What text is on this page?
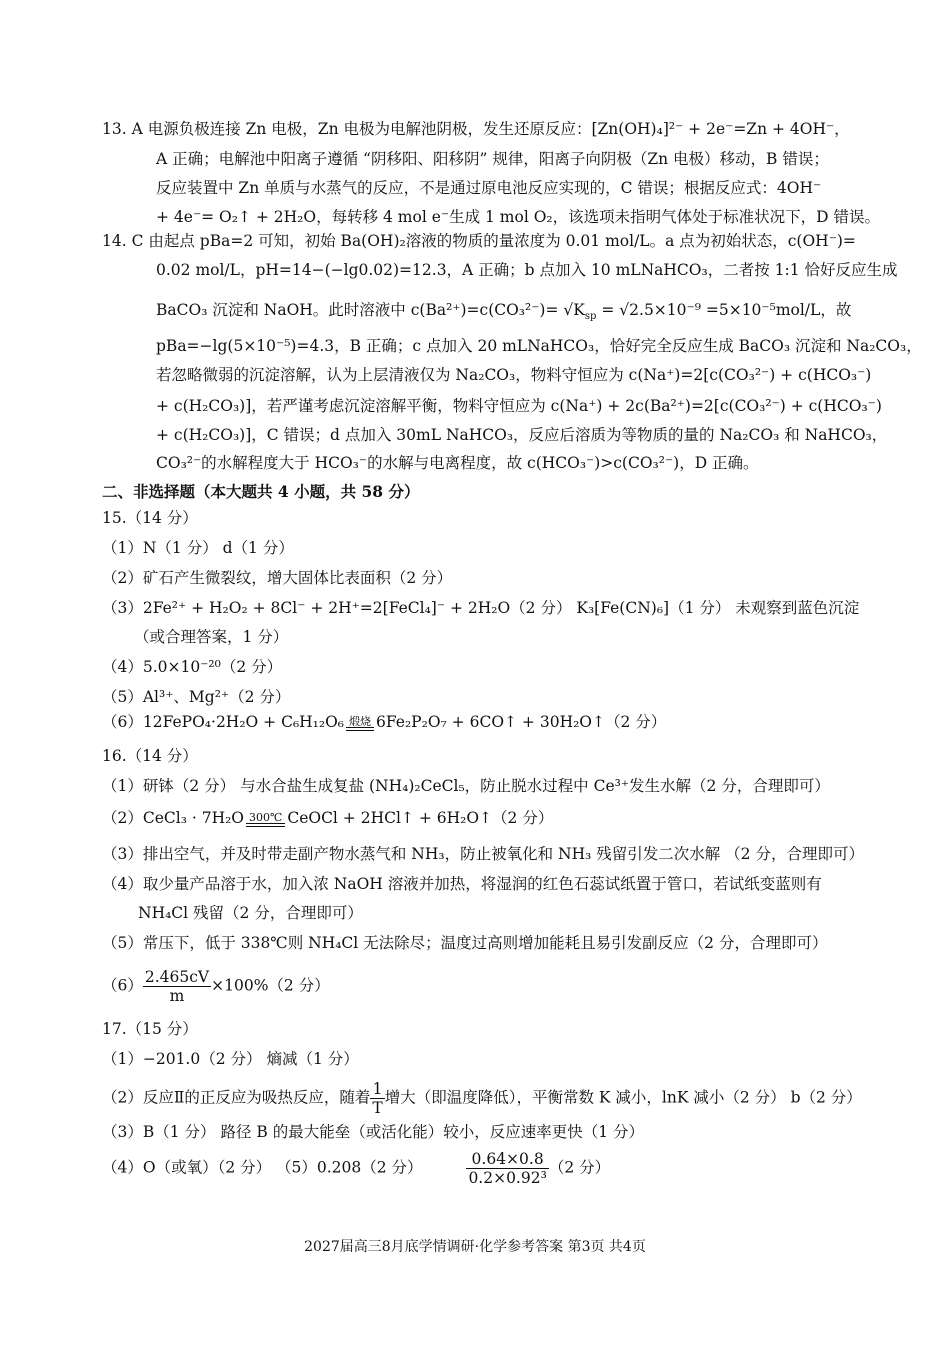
13. A 电源负极连接 Zn 电极，Zn 电极为电解池阴极，发生还原反应：[Zn(OH)₄]²⁻ + 2e⁻=Zn + 4OH⁻，
A 正确；电解池中阳离子遵循 “阴移阳、阳移阴” 规律，阳离子向阴极（Zn 电极）移动，B 错误；
反应装置中 Zn 单质与水蒸气的反应，不是通过原电池反应实现的，C 错误；根据反应式：4OH⁻
+ 4e⁻= O₂↑ + 2H₂O，每转移 4 mol e⁻生成 1 mol O₂，该选项未指明气体处于标准状况下，D 错误。
14. C 由起点 pBa=2 可知，初始 Ba(OH)₂溶液的物质的量浓度为 0.01 mol/L。a 点为初始状态，c(OH⁻)=
0.02 mol/L，pH=14−(−lg0.02)=12.3，A 正确；b 点加入 10 mLNaHCO₃，二者按 1:1 恰好反应生成
BaCO₃ 沉淀和 NaOH。此时溶液中 $c(Ba^{2+})=c(CO_3^{2-})= √K_{sp} = √2.5\times 10^{-9} =5\times 10^{-5}mol/L$，故
pBa=−lg(5×10⁻⁵)=4.3，B 正确；c 点加入 20 mLNaHCO₃，恰好完全反应生成 BaCO₃ 沉淀和 Na₂CO₃，
若忽略微弱的沉淀溶解，认为上层清液仅为 Na₂CO₃，物料守恒应为 c(Na⁺)=2[c(CO₃²⁻) + c(HCO₃⁻)
+ c(H₂CO₃)]，若严谨考虑沉淀溶解平衡，物料守恒应为 c(Na⁺) + 2c(Ba²⁺)=2[c(CO₃²⁻) + c(HCO₃⁻)
+ c(H₂CO₃)]，C 错误；d 点加入 30mL NaHCO₃，反应后溶质为等物质的量的 Na₂CO₃ 和 NaHCO₃，
CO₃²⁻的水解程度大于 HCO₃⁻的水解与电离程度，故 c(HCO₃⁻)>c(CO₃²⁻)，D 正确。
二、非选择题（本大题共 4 小题，共 58 分）
15.（14 分）
（1）N（1 分） d（1 分）
（2）矿石产生微裂纹，增大固体比表面积（2 分）
（3）2Fe²⁺ + H₂O₂ + 8Cl⁻ + 2H⁺=2[FeCl₄]⁻ + 2H₂O（2 分） K₃[Fe(CN)₆]（1 分） 未观察到蓝色沉淀
（或合理答案，1 分）
（4）5.0×10⁻²⁰（2 分）
（5）Al³⁺、Mg²⁺（2 分）
（6）12FePO₄·2H₂O + C₆H₁₂O₆ 煅烧 6Fe₂P₂O₇ + 6CO↑ + 30H₂O↑（2 分）
16.（14 分）
（1）研钵（2 分） 与水合盐生成复盐 (NH₄)₂CeCl₅，防止脱水过程中 Ce³⁺发生水解（2 分，合理即可）
（2）CeCl₃ · 7H₂O 300℃ CeOCl + 2HCl↑ + 6H₂O↑（2 分）
（3）排出空气，并及时带走副产物水蒸气和 NH₃，防止被氧化和 NH₃ 残留引发二次水解 （2 分，合理即可）
（4）取少量产品溶于水，加入浓 NaOH 溶液并加热，将湿润的红色石蕊试纸置于管口，若试纸变蓝则有
NH₄Cl 残留（2 分，合理即可）
（5）常压下，低于 338℃则 NH₄Cl 无法除尽；温度过高则增加能耗且易引发副反应（2 分，合理即可）
$(6) \frac{2.465cV}{m} \times 100\%(2$ 分）
17.（15 分）
（1）−201.0（2 分） 熵减（1 分）
（2）反应Ⅱ的正反应为吸热反应，随着 $\frac{1}{T}$ 增大（即温度降低），平衡常数 K 减小，lnK 减小（2 分） b（2 分）
（3）B（1 分） 路径 B 的最大能垒（或活化能）较小，反应速率更快（1 分）
（4）O（或氧）（2 分） （5）0.208（2 分）	$\frac{0.64\times 0.8}{\text{0.2×0.92³}} (2$ 分）
2027届高三8月底学情调研·化学参考答案 第3页 共4页
